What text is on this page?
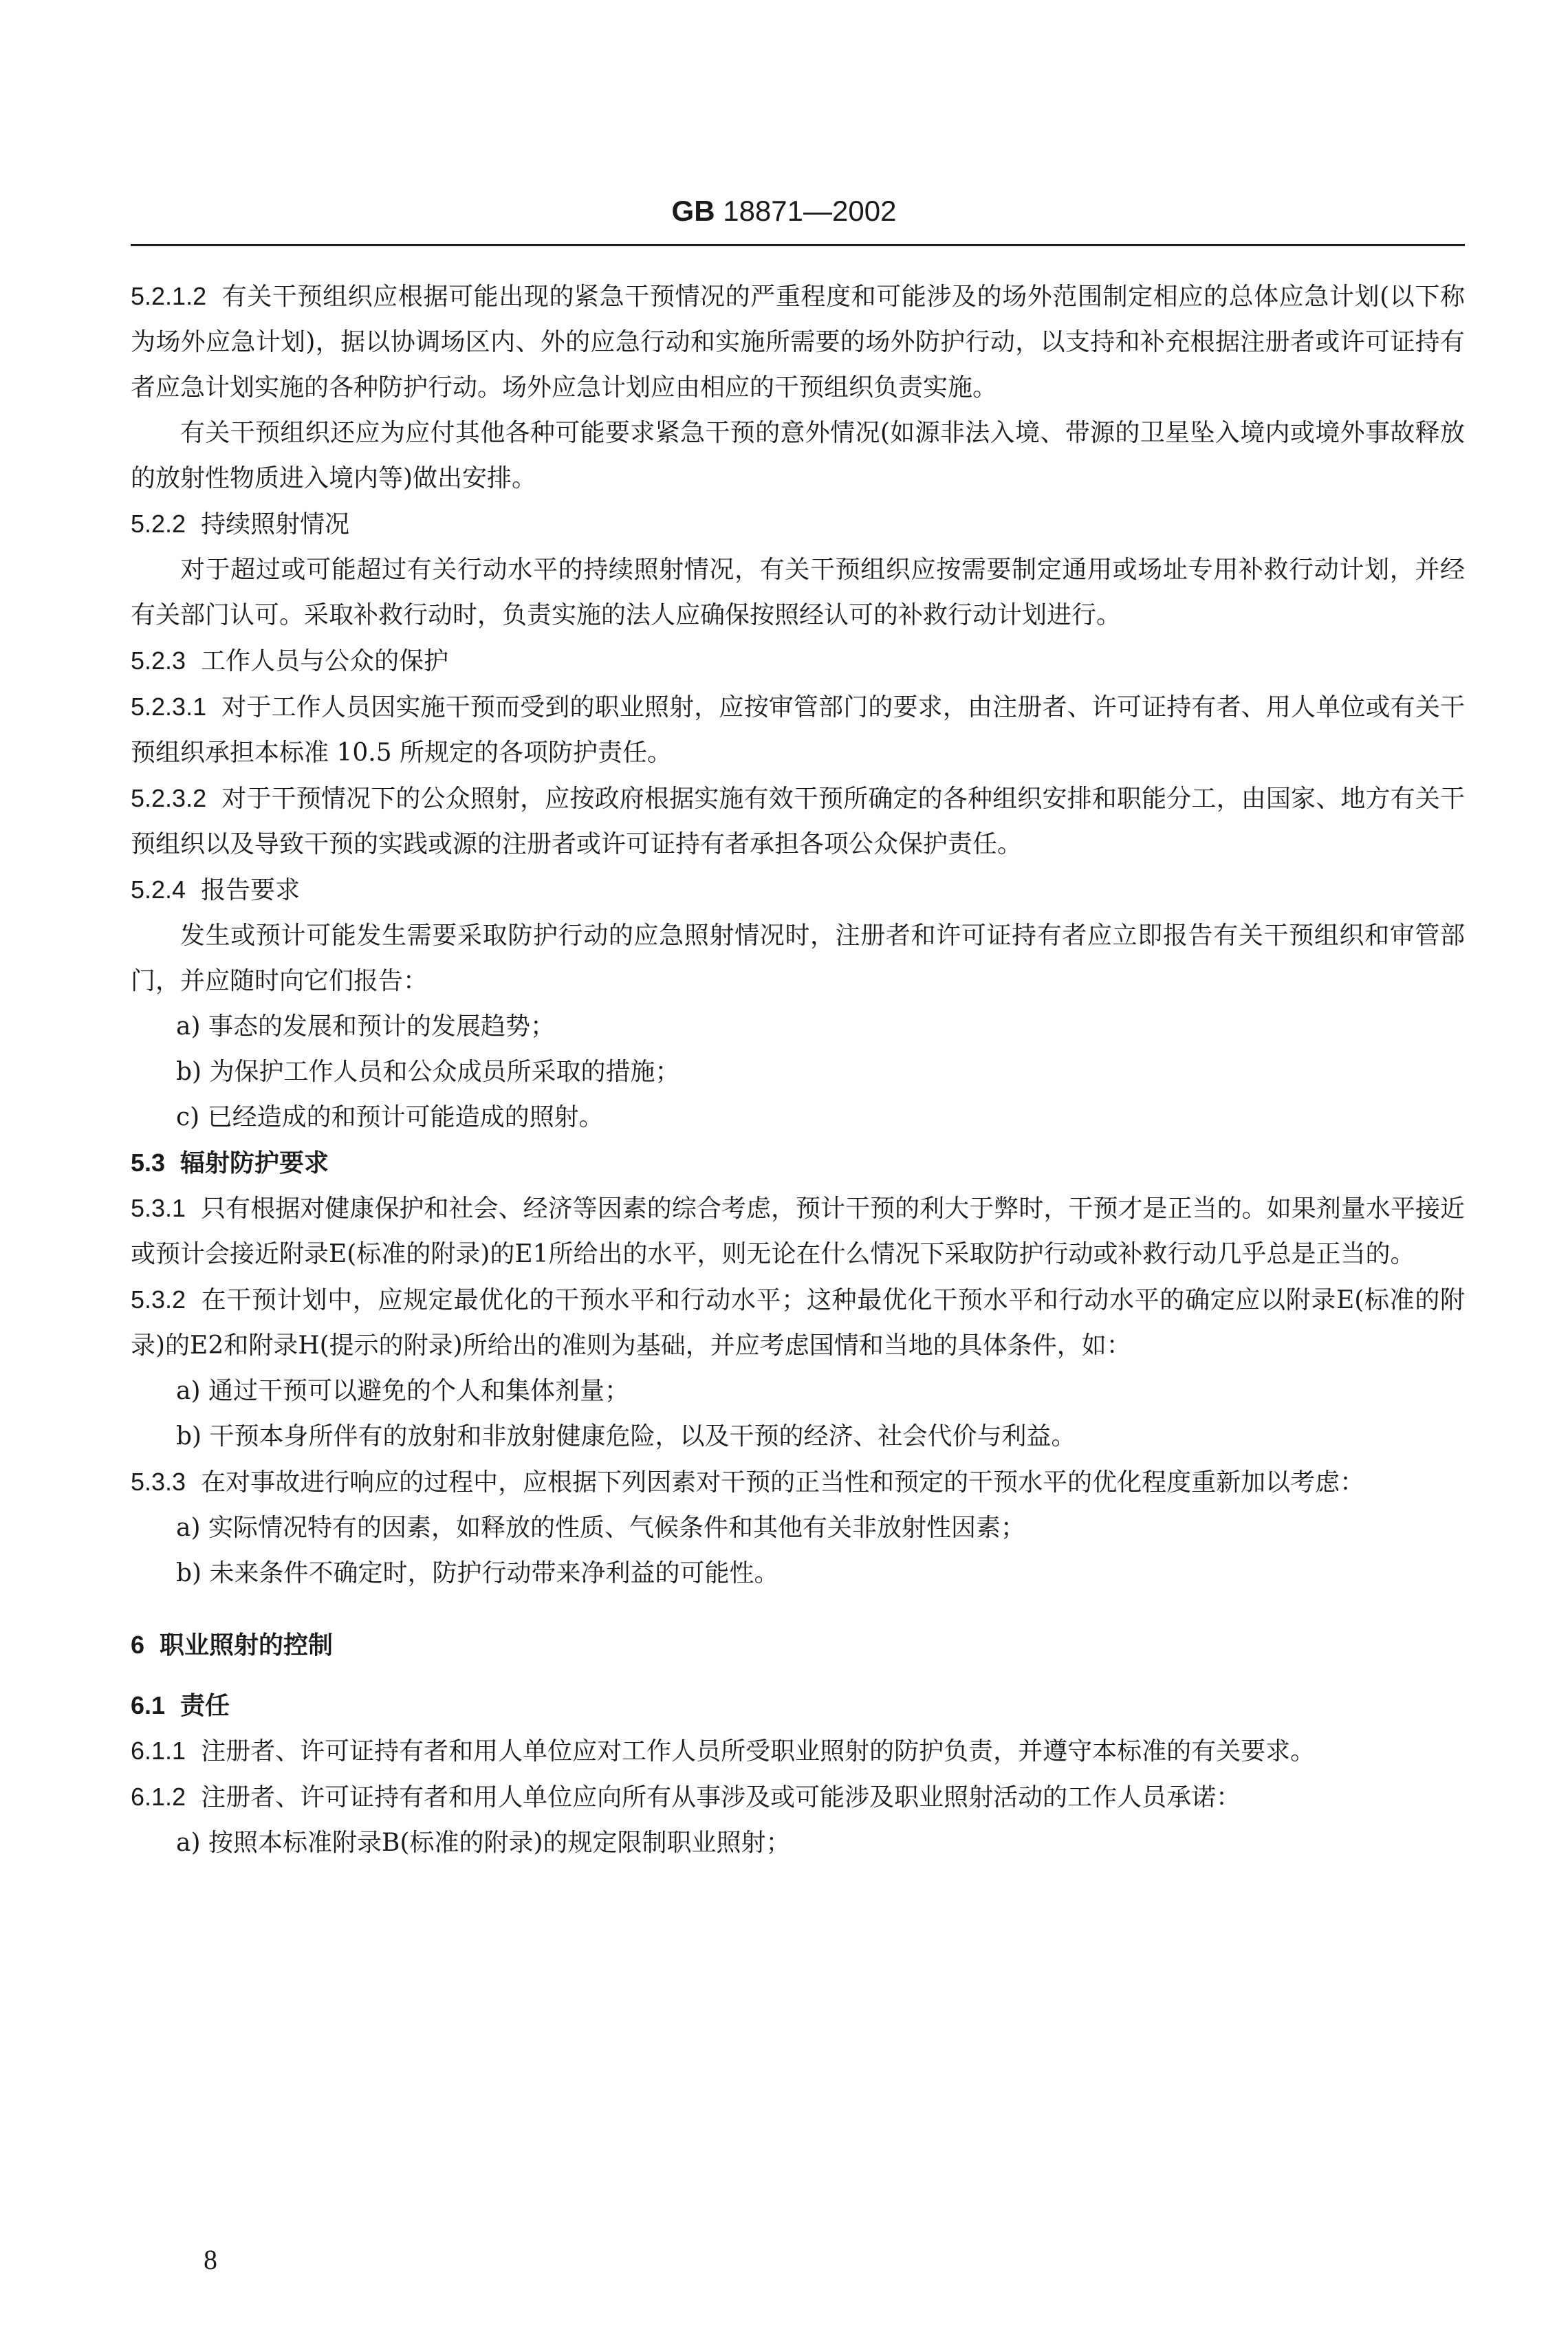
GB 18871—2002

5.2.1.2 有关干预组织应根据可能出现的紧急干预情况的严重程度和可能涉及的场外范围制定相应的总体应急计划(以下称为场外应急计划)，据以协调场区内、外的应急行动和实施所需要的场外防护行动，以支持和补充根据注册者或许可证持有者应急计划实施的各种防护行动。场外应急计划应由相应的干预组织负责实施。

有关干预组织还应为应付其他各种可能要求紧急干预的意外情况(如源非法入境、带源的卫星坠入境内或境外事故释放的放射性物质进入境内等)做出安排。

5.2.2 持续照射情况

对于超过或可能超过有关行动水平的持续照射情况，有关干预组织应按需要制定通用或场址专用补救行动计划，并经有关部门认可。采取补救行动时，负责实施的法人应确保按照经认可的补救行动计划进行。

5.2.3 工作人员与公众的保护

5.2.3.1 对于工作人员因实施干预而受到的职业照射，应按审管部门的要求，由注册者、许可证持有者、用人单位或有关干预组织承担本标准 10.5 所规定的各项防护责任。

5.2.3.2 对于干预情况下的公众照射，应按政府根据实施有效干预所确定的各种组织安排和职能分工，由国家、地方有关干预组织以及导致干预的实践或源的注册者或许可证持有者承担各项公众保护责任。

5.2.4 报告要求

发生或预计可能发生需要采取防护行动的应急照射情况时，注册者和许可证持有者应立即报告有关干预组织和审管部门，并应随时向它们报告：

a) 事态的发展和预计的发展趋势；

b) 为保护工作人员和公众成员所采取的措施；

c) 已经造成的和预计可能造成的照射。

5.3 辐射防护要求

5.3.1 只有根据对健康保护和社会、经济等因素的综合考虑，预计干预的利大于弊时，干预才是正当的。如果剂量水平接近或预计会接近附录E(标准的附录)的E1所给出的水平，则无论在什么情况下采取防护行动或补救行动几乎总是正当的。

5.3.2 在干预计划中，应规定最优化的干预水平和行动水平；这种最优化干预水平和行动水平的确定应以附录E(标准的附录)的E2和附录H(提示的附录)所给出的准则为基础，并应考虑国情和当地的具体条件，如：

a) 通过干预可以避免的个人和集体剂量；

b) 干预本身所伴有的放射和非放射健康危险，以及干预的经济、社会代价与利益。

5.3.3 在对事故进行响应的过程中，应根据下列因素对干预的正当性和预定的干预水平的优化程度重新加以考虑：

a) 实际情况特有的因素，如释放的性质、气候条件和其他有关非放射性因素；

b) 未来条件不确定时，防护行动带来净利益的可能性。

6 职业照射的控制

6.1 责任

6.1.1 注册者、许可证持有者和用人单位应对工作人员所受职业照射的防护负责，并遵守本标准的有关要求。

6.1.2 注册者、许可证持有者和用人单位应向所有从事涉及或可能涉及职业照射活动的工作人员承诺：

a) 按照本标准附录B(标准的附录)的规定限制职业照射；

8
